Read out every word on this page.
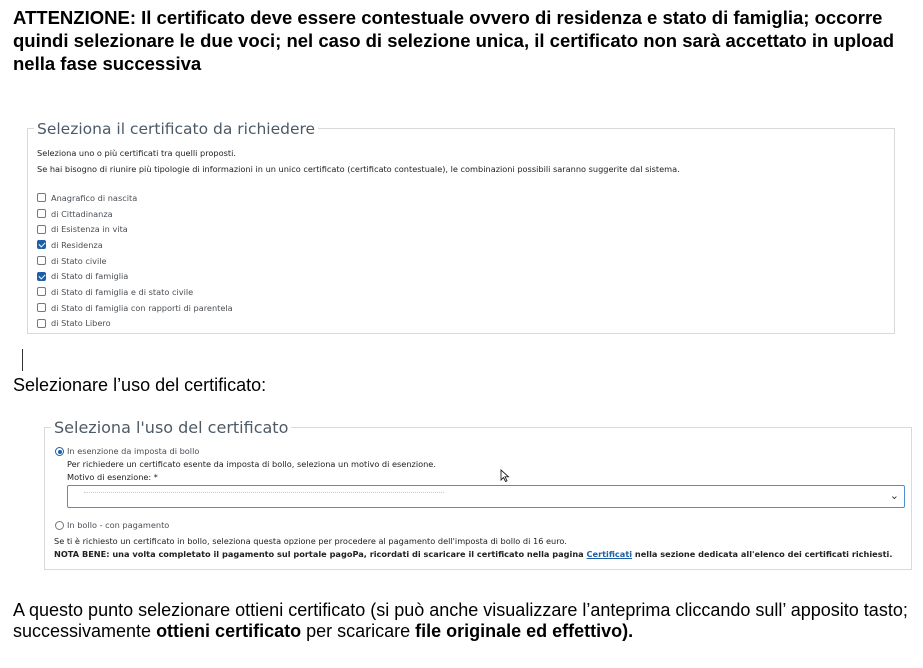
ATTENZIONE: Il certificato deve essere contestuale ovvero di residenza e stato di famiglia; occorre quindi selezionare le due voci; nel caso di selezione unica, il certificato non sarà accettato in upload nella fase successiva
Seleziona il certificato da richiedere
Seleziona uno o più certificati tra quelli proposti.
Se hai bisogno di riunire più tipologie di informazioni in un unico certificato (certificato contestuale), le combinazioni possibili saranno suggerite dal sistema.
Anagrafico di nascita
di Cittadinanza
di Esistenza in vita
di Residenza
di Stato civile
di Stato di famiglia
di Stato di famiglia e di stato civile
di Stato di famiglia con rapporti di parentela
di Stato Libero
Selezionare l’uso del certificato:
Seleziona l'uso del certificato
In esenzione da imposta di bollo
Per richiedere un certificato esente da imposta di bollo, seleziona un motivo di esenzione.
Motivo di esenzione: *
⌄
In bollo - con pagamento
Se ti è richiesto un certificato in bollo, seleziona questa opzione per procedere al pagamento dell'imposta di bollo di 16 euro.
NOTA BENE: una volta completato il pagamento sul portale pagoPa, ricordati di scaricare il certificato nella pagina Certificati nella sezione dedicata all'elenco dei certificati richiesti.
A questo punto selezionare ottieni certificato (si può anche visualizzare l’anteprima cliccando sull’ apposito tasto; successivamente ottieni certificato per scaricare file originale ed effettivo).
